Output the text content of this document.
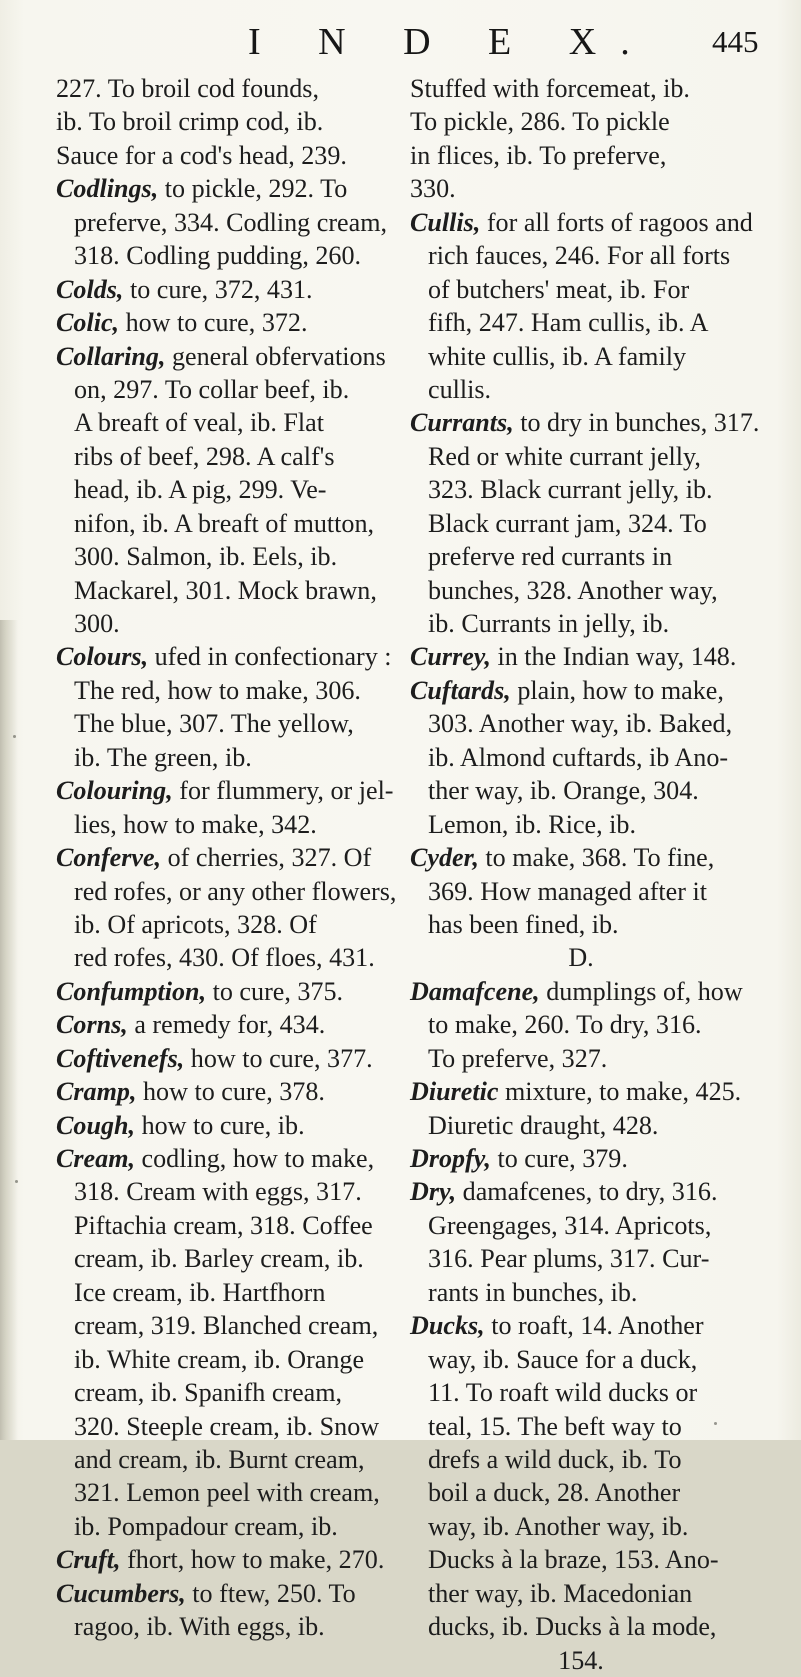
I N D E X. 445
227. To broil cod founds,
ib. To broil crimp cod, ib.
Sauce for a cod's head, 239.
Codlings, to pickle, 292. To
preferve, 334. Codling cream,
318. Codling pudding, 260.
Colds, to cure, 372, 431.
Colic, how to cure, 372.
Collaring, general obfervations
on, 297. To collar beef, ib.
A breaft of veal, ib. Flat
ribs of beef, 298. A calf's
head, ib. A pig, 299. Ve-
nifon, ib. A breaft of mutton,
300. Salmon, ib. Eels, ib.
Mackarel, 301. Mock brawn,
300.
Colours, ufed in confectionary :
The red, how to make, 306.
The blue, 307. The yellow,
ib. The green, ib.
Colouring, for flummery, or jel-
lies, how to make, 342.
Conferve, of cherries, 327. Of
red rofes, or any other flowers,
ib. Of apricots, 328. Of
red rofes, 430. Of floes, 431.
Confumption, to cure, 375.
Corns, a remedy for, 434.
Coftivenefs, how to cure, 377.
Cramp, how to cure, 378.
Cough, how to cure, ib.
Cream, codling, how to make,
318. Cream with eggs, 317.
Piftachia cream, 318. Coffee
cream, ib. Barley cream, ib.
Ice cream, ib. Hartfhorn
cream, 319. Blanched cream,
ib. White cream, ib. Orange
cream, ib. Spanifh cream,
320. Steeple cream, ib. Snow
and cream, ib. Burnt cream,
321. Lemon peel with cream,
ib. Pompadour cream, ib.
Cruft, fhort, how to make, 270.
Cucumbers, to ftew, 250. To
ragoo, ib. With eggs, ib.
Stuffed with forcemeat, ib.
To pickle, 286. To pickle
in flices, ib. To preferve,
330.
Cullis, for all forts of ragoos and
rich fauces, 246. For all forts
of butchers' meat, ib. For
fifh, 247. Ham cullis, ib. A
white cullis, ib. A family
cullis.
Currants, to dry in bunches, 317.
Red or white currant jelly,
323. Black currant jelly, ib.
Black currant jam, 324. To
preferve red currants in
bunches, 328. Another way,
ib. Currants in jelly, ib.
Currey, in the Indian way, 148.
Cuftards, plain, how to make,
303. Another way, ib. Baked,
ib. Almond cuftards, ib Ano-
ther way, ib. Orange, 304.
Lemon, ib. Rice, ib.
Cyder, to make, 368. To fine,
369. How managed after it
has been fined, ib.
D.
Damafcene, dumplings of, how
to make, 260. To dry, 316.
To preferve, 327.
Diuretic mixture, to make, 425.
Diuretic draught, 428.
Dropfy, to cure, 379.
Dry, damafcenes, to dry, 316.
Greengages, 314. Apricots,
316. Pear plums, 317. Cur-
rants in bunches, ib.
Ducks, to roaft, 14. Another
way, ib. Sauce for a duck,
11. To roaft wild ducks or
teal, 15. The beft way to
drefs a wild duck, ib. To
boil a duck, 28. Another
way, ib. Another way, ib.
Ducks à la braze, 153. Ano-
ther way, ib. Macedonian
ducks, ib. Ducks à la mode,
154.
